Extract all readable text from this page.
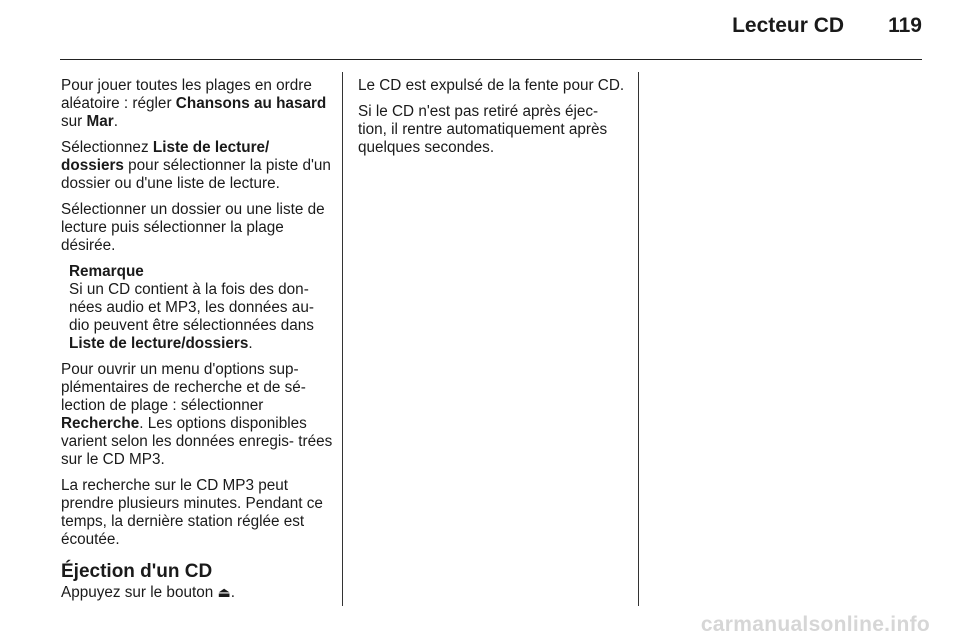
Lecteur CD 119

Pour jouer toutes les plages en ordre aléatoire : régler Chansons au hasard sur Mar.

Sélectionnez Liste de lecture/ dossiers pour sélectionner la piste d'un dossier ou d'une liste de lecture.

Sélectionner un dossier ou une liste de lecture puis sélectionner la plage désirée.

Remarque
Si un CD contient à la fois des don- nées audio et MP3, les données au- dio peuvent être sélectionnées dans Liste de lecture/dossiers.

Pour ouvrir un menu d'options sup- plémentaires de recherche et de sé- lection de plage : sélectionner Recherche. Les options disponibles varient selon les données enregis- trées sur le CD MP3.

La recherche sur le CD MP3 peut prendre plusieurs minutes. Pendant ce temps, la dernière station réglée est écoutée.

Éjection d'un CD

Appuyez sur le bouton ⏏.

Le CD est expulsé de la fente pour CD.

Si le CD n'est pas retiré après éjec- tion, il rentre automatiquement après quelques secondes.

carmanualsonline.info
